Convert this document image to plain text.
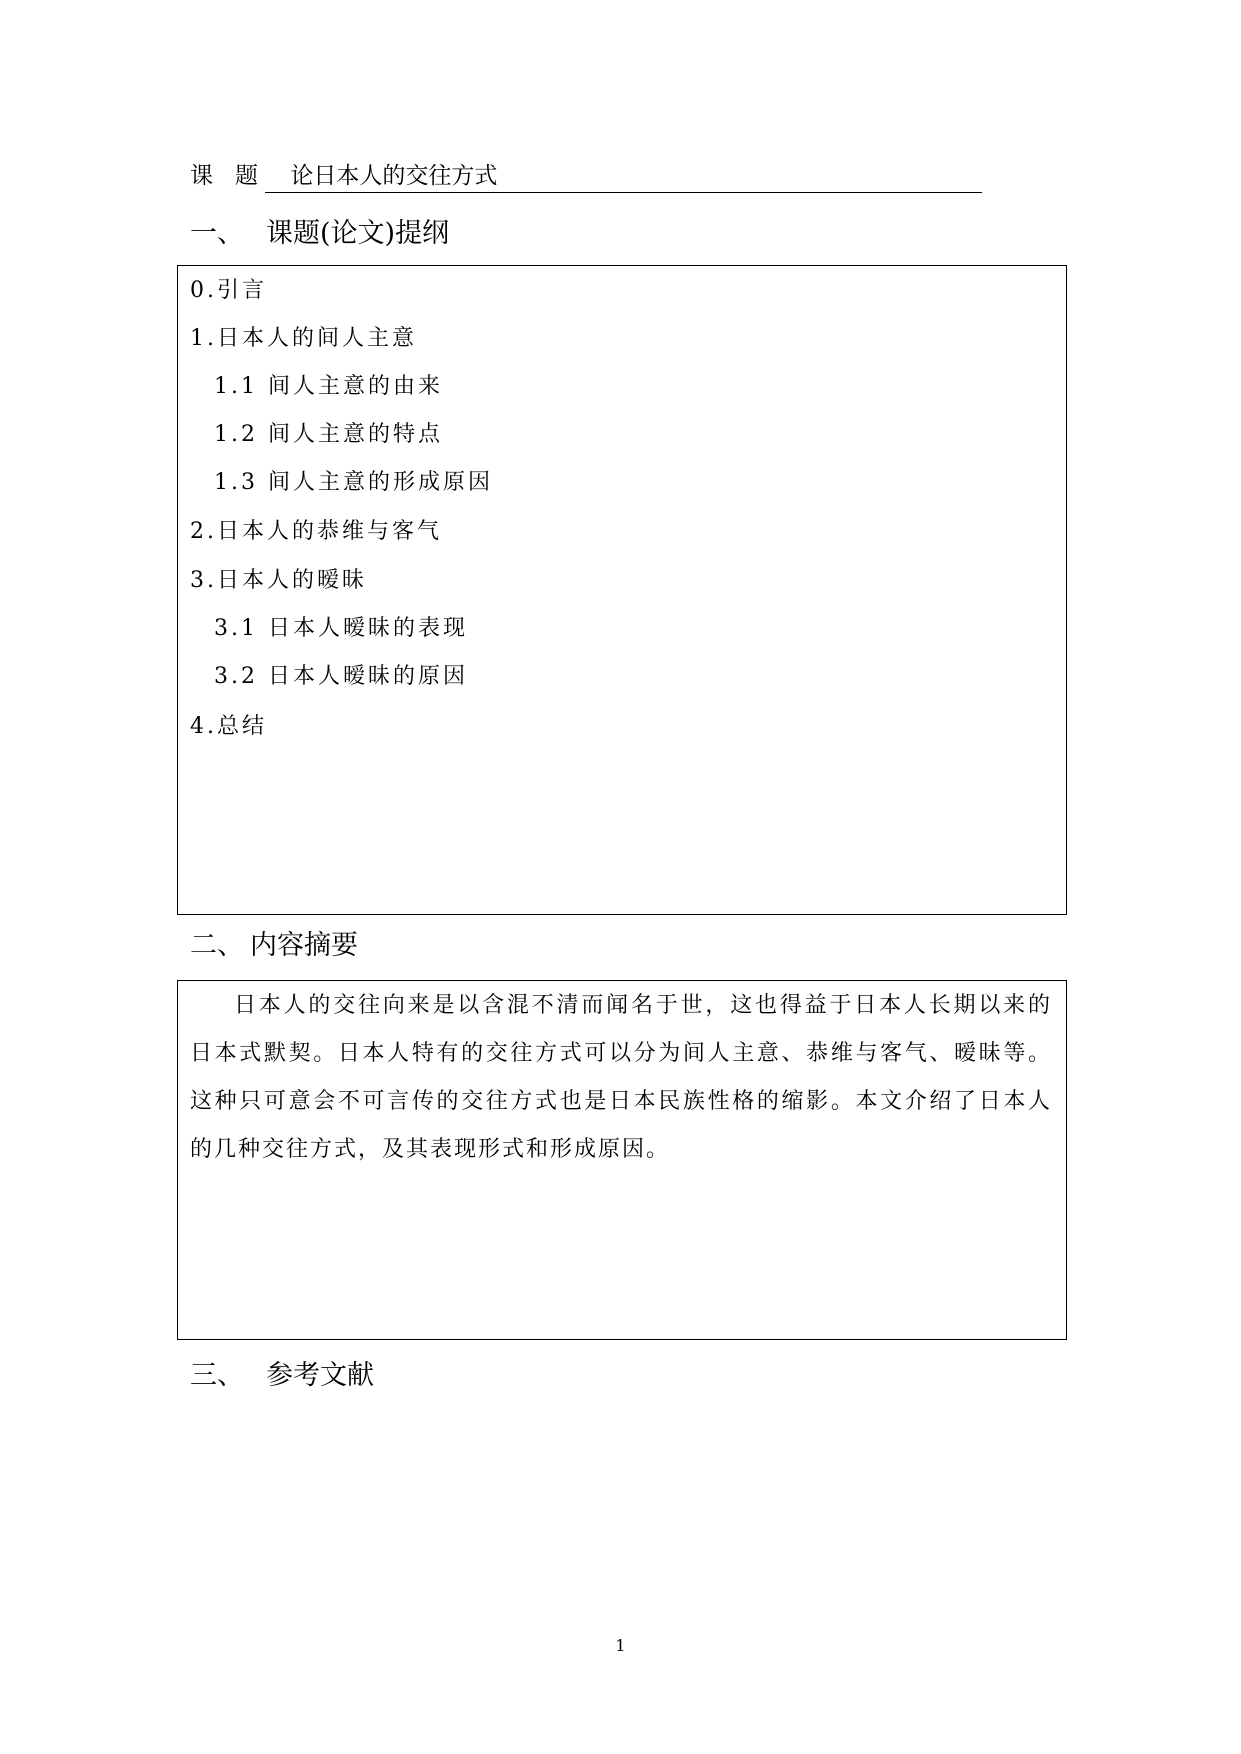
课题 论日本人的交往方式
一、 课题(论文)提纲
0.引言
1.日本人的间人主意
1.1 间人主意的由来
1.2 间人主意的特点
1.3 间人主意的形成原因
2.日本人的恭维与客气
3.日本人的暧昧
3.1 日本人暧昧的表现
3.2 日本人暧昧的原因
4.总结
二、 内容摘要
日本人的交往向来是以含混不清而闻名于世，这也得益于日本人长期以来的
日本式默契。日本人特有的交往方式可以分为间人主意、恭维与客气、暧昧等。
这种只可意会不可言传的交往方式也是日本民族性格的缩影。本文介绍了日本人
的几种交往方式，及其表现形式和形成原因。
三、 参考文献
1
